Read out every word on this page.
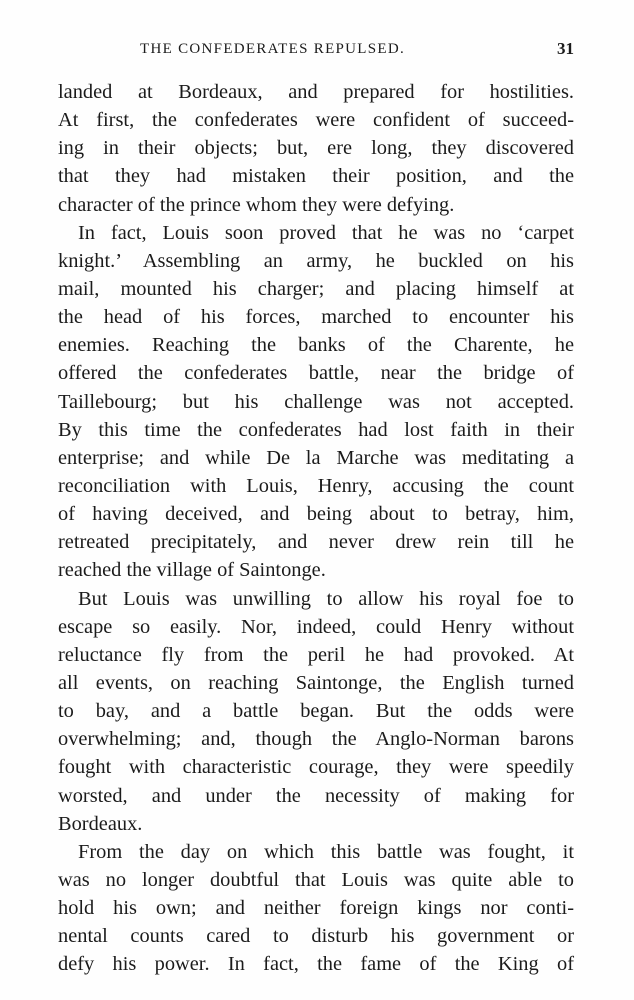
THE CONFEDERATES REPULSED.	31
landed at Bordeaux, and prepared for hostilities.
At first, the confederates were confident of succeed-
ing in their objects; but, ere long, they discovered
that they had mistaken their position, and the
character of the prince whom they were defying.
In fact, Louis soon proved that he was no ‘carpet
knight.’ Assembling an army, he buckled on his
mail, mounted his charger; and placing himself at
the head of his forces, marched to encounter his
enemies. Reaching the banks of the Charente, he
offered the confederates battle, near the bridge of
Taillebourg; but his challenge was not accepted.
By this time the confederates had lost faith in their
enterprise; and while De la Marche was meditating a
reconciliation with Louis, Henry, accusing the count
of having deceived, and being about to betray, him,
retreated precipitately, and never drew rein till he
reached the village of Saintonge.
But Louis was unwilling to allow his royal foe to
escape so easily. Nor, indeed, could Henry without
reluctance fly from the peril he had provoked. At
all events, on reaching Saintonge, the English turned
to bay, and a battle began. But the odds were
overwhelming; and, though the Anglo-Norman barons
fought with characteristic courage, they were speedily
worsted, and under the necessity of making for
Bordeaux.
From the day on which this battle was fought, it
was no longer doubtful that Louis was quite able to
hold his own; and neither foreign kings nor conti-
nental counts cared to disturb his government or
defy his power. In fact, the fame of the King of
